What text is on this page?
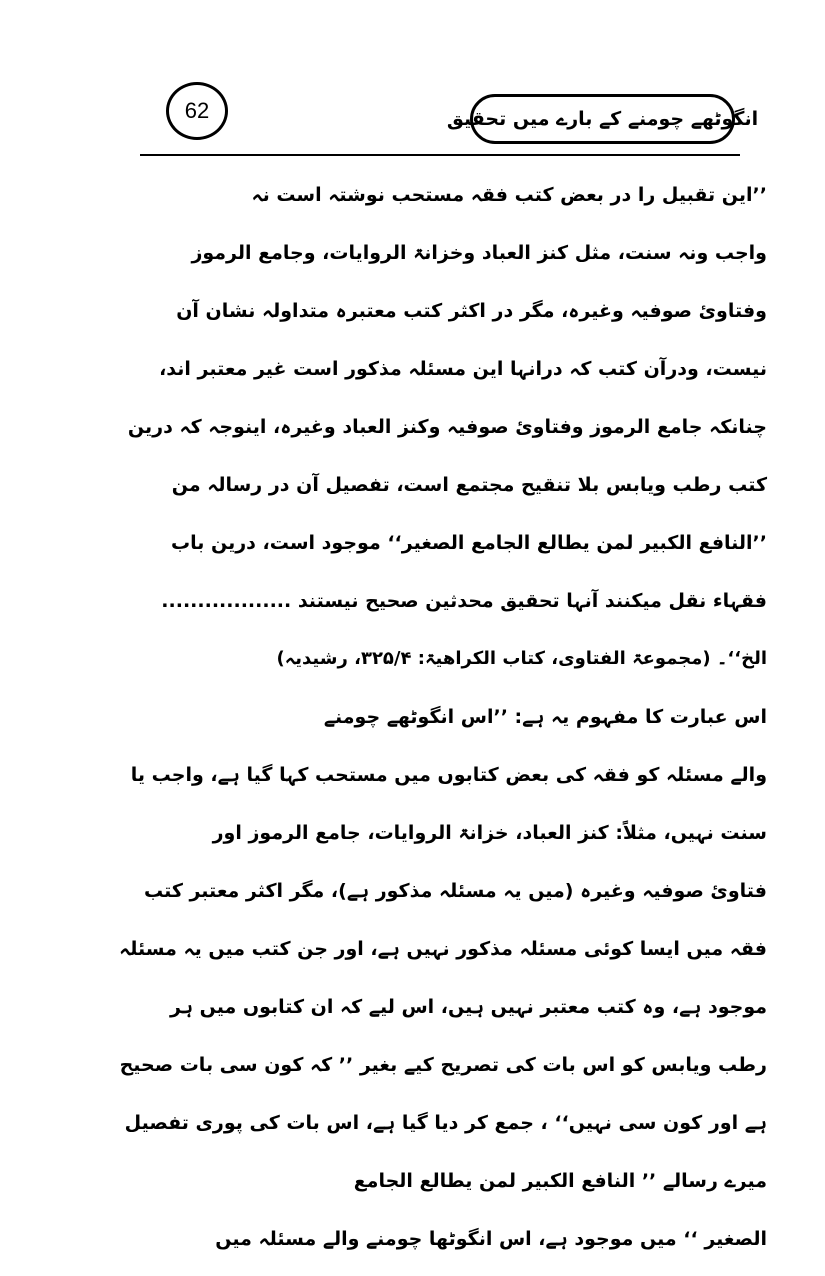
62	انگوٹھے چومنے کے بارے میں تحقیق
’’این تقبیل را در بعض کتب فقہ مستحب نوشتہ است نہ
واجب ونہ سنت، مثل کنز العباد وخزانۃ الروایات، وجامع الرموز
وفتاوئ صوفیہ وغیرہ، مگر در اکثر کتب معتبرہ متداولہ نشان آن
نیست، ودرآن کتب کہ درانہا این مسئلہ مذکور است غیر معتبر اند،
چنانکہ جامع الرموز وفتاوئ صوفیہ وکنز العباد وغیرہ، اینوجہ کہ درین
کتب رطب ویابس بلا تنقیح مجتمع است، تفصیل آن در رسالہ من
’’النافع الکبیر لمن یطالع الجامع الصغیر‘‘ موجود است، درین باب
فقہاء نقل میکنند آنہا تحقیق محدثین صحیح نیستند ..................
الخ‘‘۔ (مجموعۃ الفتاوی، کتاب الکراھیۃ: ۳۲۵/۴، رشیدیہ)
اس عبارت کا مفہوم یہ ہے: ’’اس انگوٹھے چومنے
والے مسئلہ کو فقہ کی بعض کتابوں میں مستحب کہا گیا ہے، واجب یا
سنت نہیں، مثلاً: کنز العباد، خزانۃ الروایات، جامع الرموز اور
فتاوئ صوفیہ وغیرہ (میں یہ مسئلہ مذکور ہے)، مگر اکثر معتبر کتب
فقہ میں ایسا کوئی مسئلہ مذکور نہیں ہے، اور جن کتب میں یہ مسئلہ
موجود ہے، وہ کتب معتبر نہیں ہیں، اس لیے کہ ان کتابوں میں ہر
رطب ویابس کو اس بات کی تصریح کیے بغیر ’’ کہ کون سی بات صحیح
ہے اور کون سی نہیں‘‘ ، جمع کر دیا گیا ہے، اس بات کی پوری تفصیل
میرے رسالے ’’ النافع الکبیر لمن یطالع الجامع
الصغیر ‘‘ میں موجود ہے، اس انگوٹھا چومنے والے مسئلہ میں
